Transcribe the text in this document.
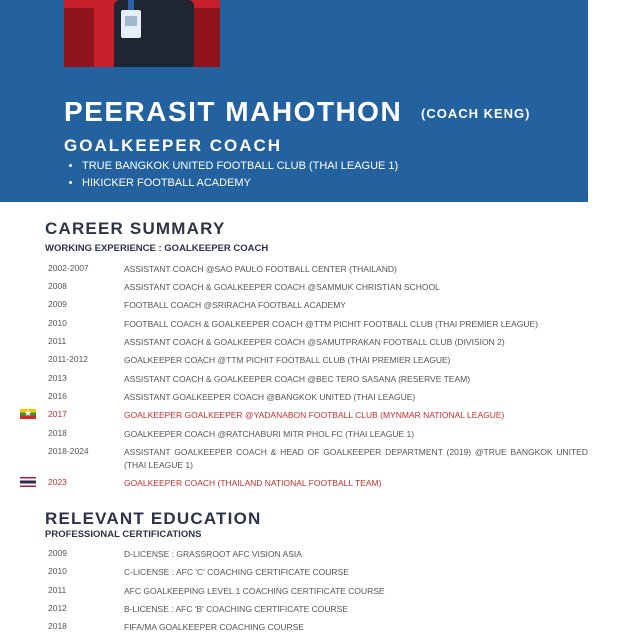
PEERASIT MAHOTHON (COACH KENG)
GOALKEEPER COACH
• TRUE BANGKOK UNITED FOOTBALL CLUB (THAI LEAGUE 1)
• HIKICKER FOOTBALL ACADEMY
CAREER SUMMARY
WORKING EXPERIENCE : GOALKEEPER COACH
2002-2007	ASSISTANT COACH @SAO PAULO FOOTBALL CENTER (THAILAND)
2008	ASSISTANT COACH & GOALKEEPER COACH @SAMMUK CHRISTIAN SCHOOL
2009	FOOTBALL COACH @SRIRACHA FOOTBALL ACADEMY
2010	FOOTBALL COACH & GOALKEEPER COACH @TTM PICHIT FOOTBALL CLUB (THAI PREMIER LEAGUE)
2011	ASSISTANT COACH & GOALKEEPER COACH @SAMUTPRAKAN FOOTBALL CLUB (DIVISION 2)
2011-2012	GOALKEEPER COACH @TTM PICHIT FOOTBALL CLUB (THAI PREMIER LEAGUE)
2013	ASSISTANT COACH & GOALKEEPER COACH @BEC TERO SASANA (RESERVE TEAM)
2016	ASSISTANT GOALKEEPER COACH @BANGKOK UNITED (THAI LEAGUE)
★
2017	GOALKEEPER GOALKEEPER @YADANABON FOOTBALL CLUB (MYNMAR NATIONAL LEAGUE)
2018	GOALKEEPER COACH @RATCHABURI MITR PHOL FC (THAI LEAGUE 1)
2018-2024	ASSISTANT GOALKEEPER COACH & HEAD OF GOALKEEPER DEPARTMENT (2019) @TRUE BANGKOK UNITED (THAI LEAGUE 1)
2023	GOALKEEPER COACH (THAILAND NATIONAL FOOTBALL TEAM)
RELEVANT EDUCATION
PROFESSIONAL CERTIFICATIONS
2009	D-LICENSE : GRASSROOT AFC VISION ASIA
2010	C-LICENSE : AFC 'C' COACHING CERTIFICATE COURSE
2011	AFC GOALKEEPING LEVEL 1 COACHING CERTIFICATE COURSE
2012	B-LICENSE : AFC 'B' COACHING CERTIFICATE COURSE
2018	FIFA/MA GOALKEEPER COACHING COURSE
